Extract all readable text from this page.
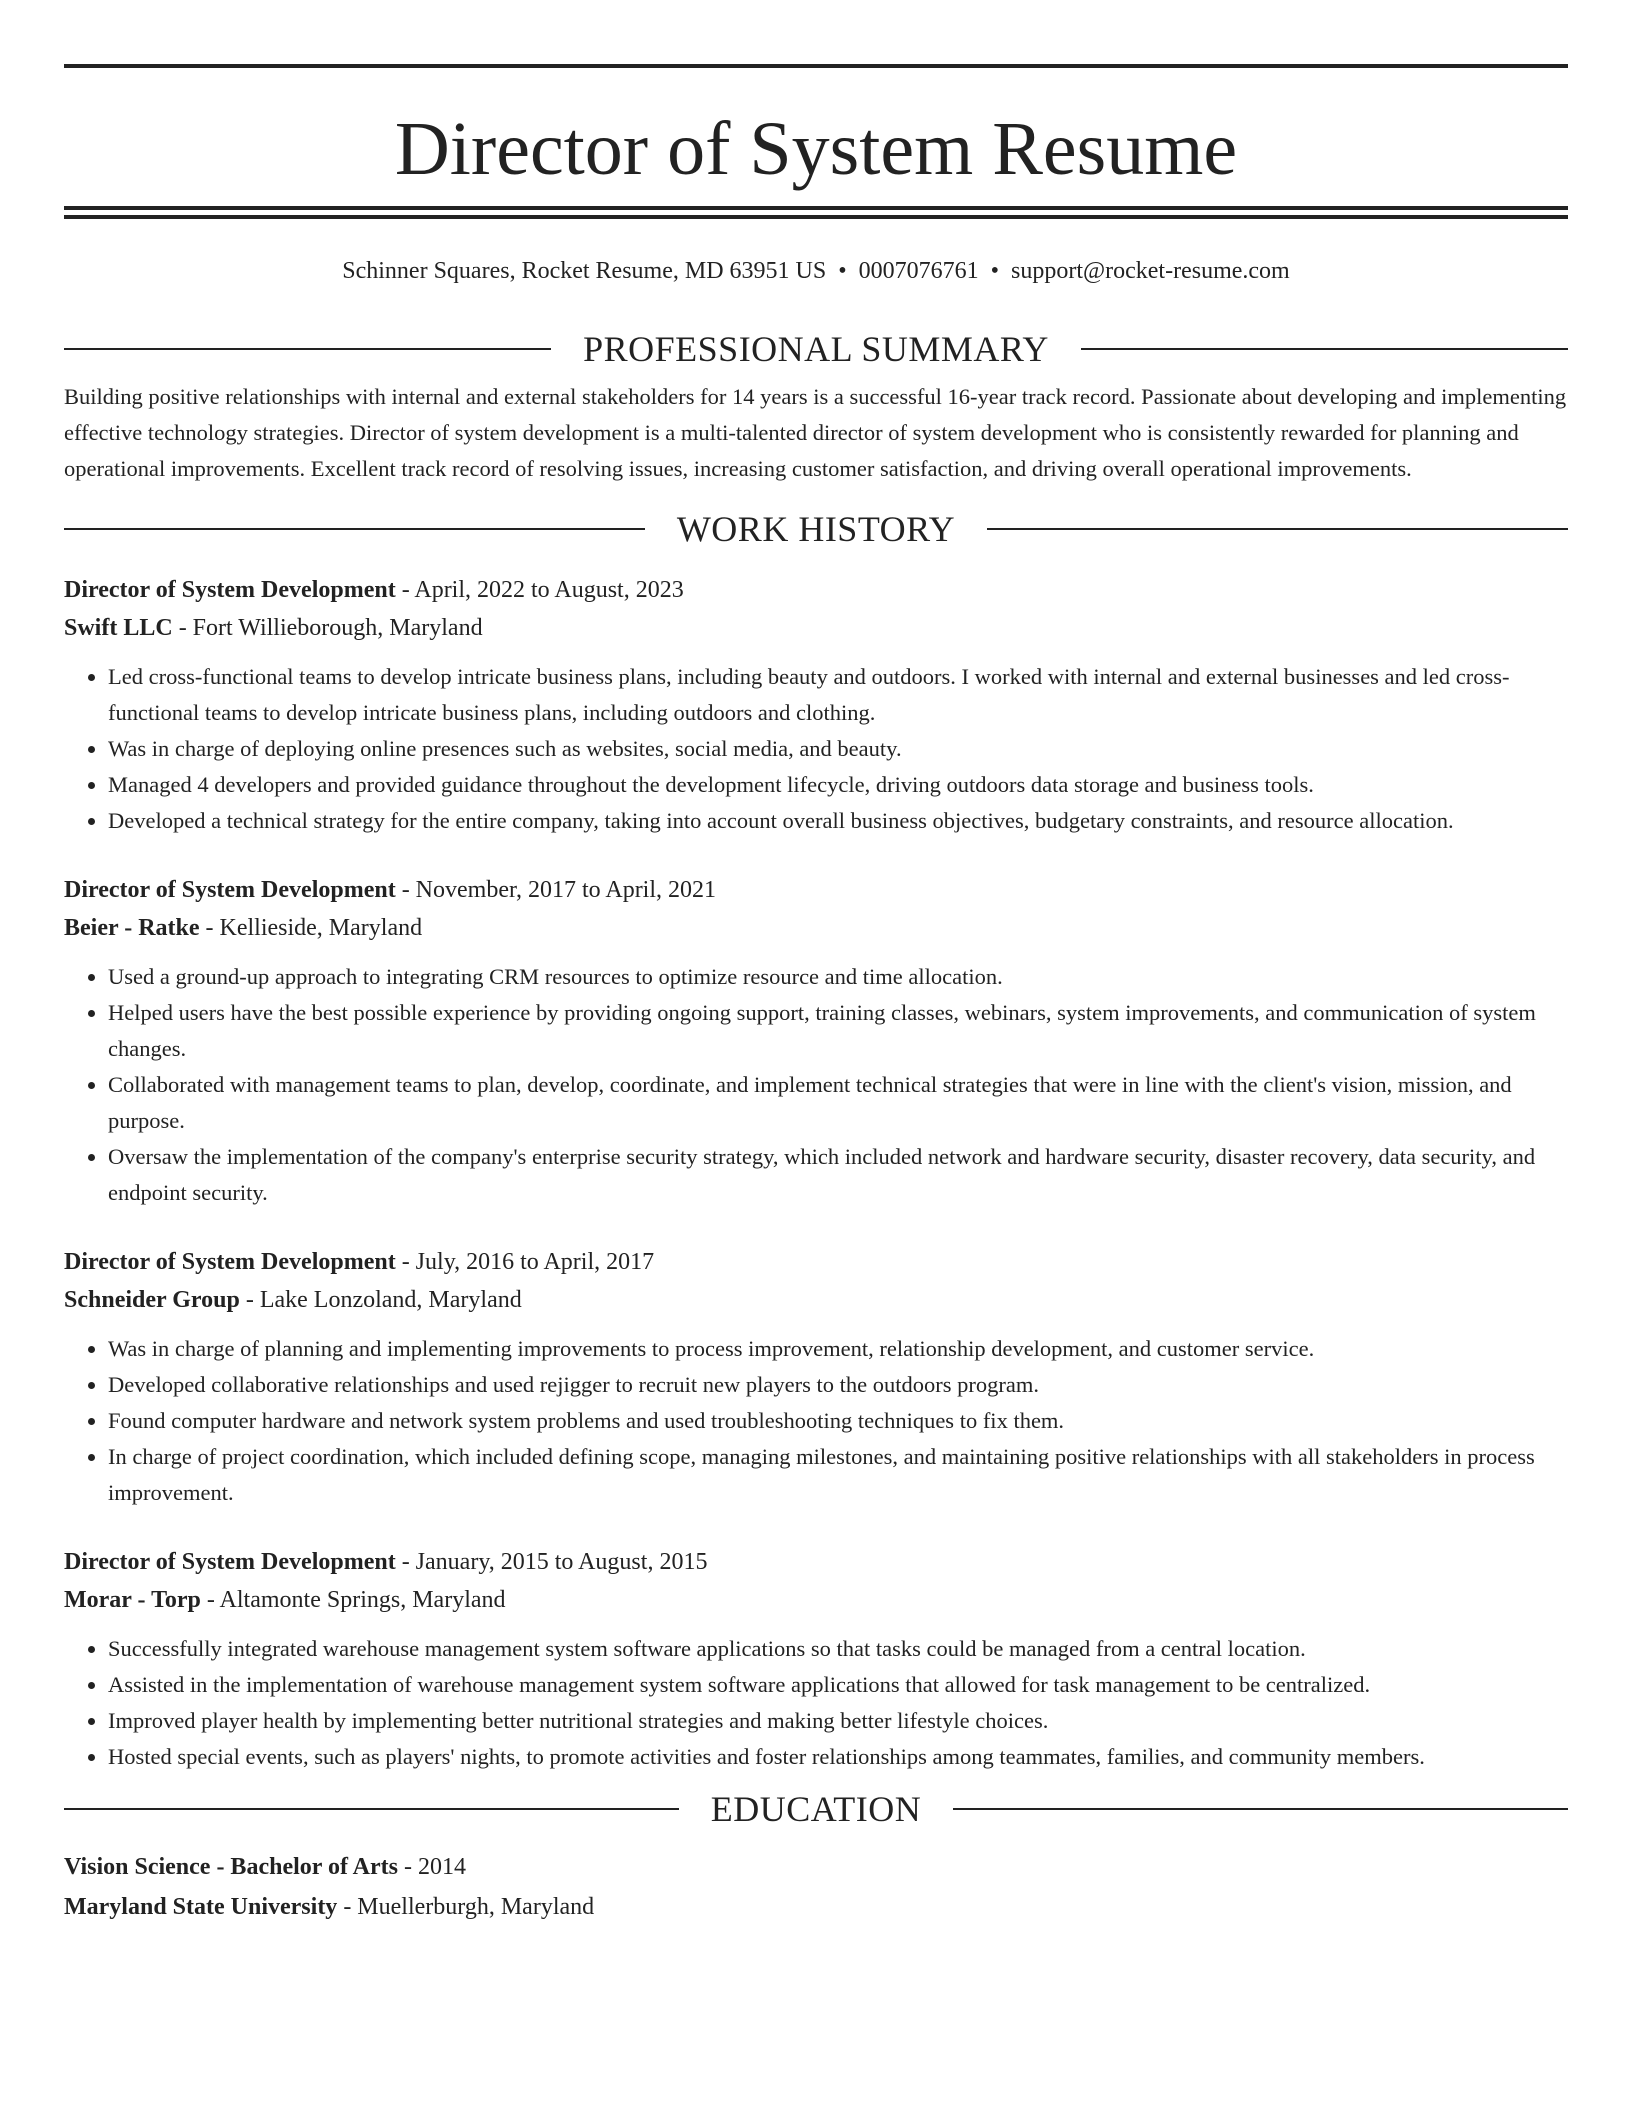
Director of System Resume
Schinner Squares, Rocket Resume, MD 63951 US • 0007076761 • support@rocket-resume.com
PROFESSIONAL SUMMARY
Building positive relationships with internal and external stakeholders for 14 years is a successful 16-year track record. Passionate about developing and implementing effective technology strategies. Director of system development is a multi-talented director of system development who is consistently rewarded for planning and operational improvements. Excellent track record of resolving issues, increasing customer satisfaction, and driving overall operational improvements.
WORK HISTORY
Director of System Development - April, 2022 to August, 2023
Swift LLC - Fort Willieborough, Maryland
• Led cross-functional teams to develop intricate business plans, including beauty and outdoors. I worked with internal and external businesses and led cross-functional teams to develop intricate business plans, including outdoors and clothing.
• Was in charge of deploying online presences such as websites, social media, and beauty.
• Managed 4 developers and provided guidance throughout the development lifecycle, driving outdoors data storage and business tools.
• Developed a technical strategy for the entire company, taking into account overall business objectives, budgetary constraints, and resource allocation.
Director of System Development - November, 2017 to April, 2021
Beier - Ratke - Kellieside, Maryland
• Used a ground-up approach to integrating CRM resources to optimize resource and time allocation.
• Helped users have the best possible experience by providing ongoing support, training classes, webinars, system improvements, and communication of system changes.
• Collaborated with management teams to plan, develop, coordinate, and implement technical strategies that were in line with the client's vision, mission, and purpose.
• Oversaw the implementation of the company's enterprise security strategy, which included network and hardware security, disaster recovery, data security, and endpoint security.
Director of System Development - July, 2016 to April, 2017
Schneider Group - Lake Lonzoland, Maryland
• Was in charge of planning and implementing improvements to process improvement, relationship development, and customer service.
• Developed collaborative relationships and used rejigger to recruit new players to the outdoors program.
• Found computer hardware and network system problems and used troubleshooting techniques to fix them.
• In charge of project coordination, which included defining scope, managing milestones, and maintaining positive relationships with all stakeholders in process improvement.
Director of System Development - January, 2015 to August, 2015
Morar - Torp - Altamonte Springs, Maryland
• Successfully integrated warehouse management system software applications so that tasks could be managed from a central location.
• Assisted in the implementation of warehouse management system software applications that allowed for task management to be centralized.
• Improved player health by implementing better nutritional strategies and making better lifestyle choices.
• Hosted special events, such as players' nights, to promote activities and foster relationships among teammates, families, and community members.
EDUCATION
Vision Science - Bachelor of Arts - 2014
Maryland State University - Muellerburgh, Maryland
